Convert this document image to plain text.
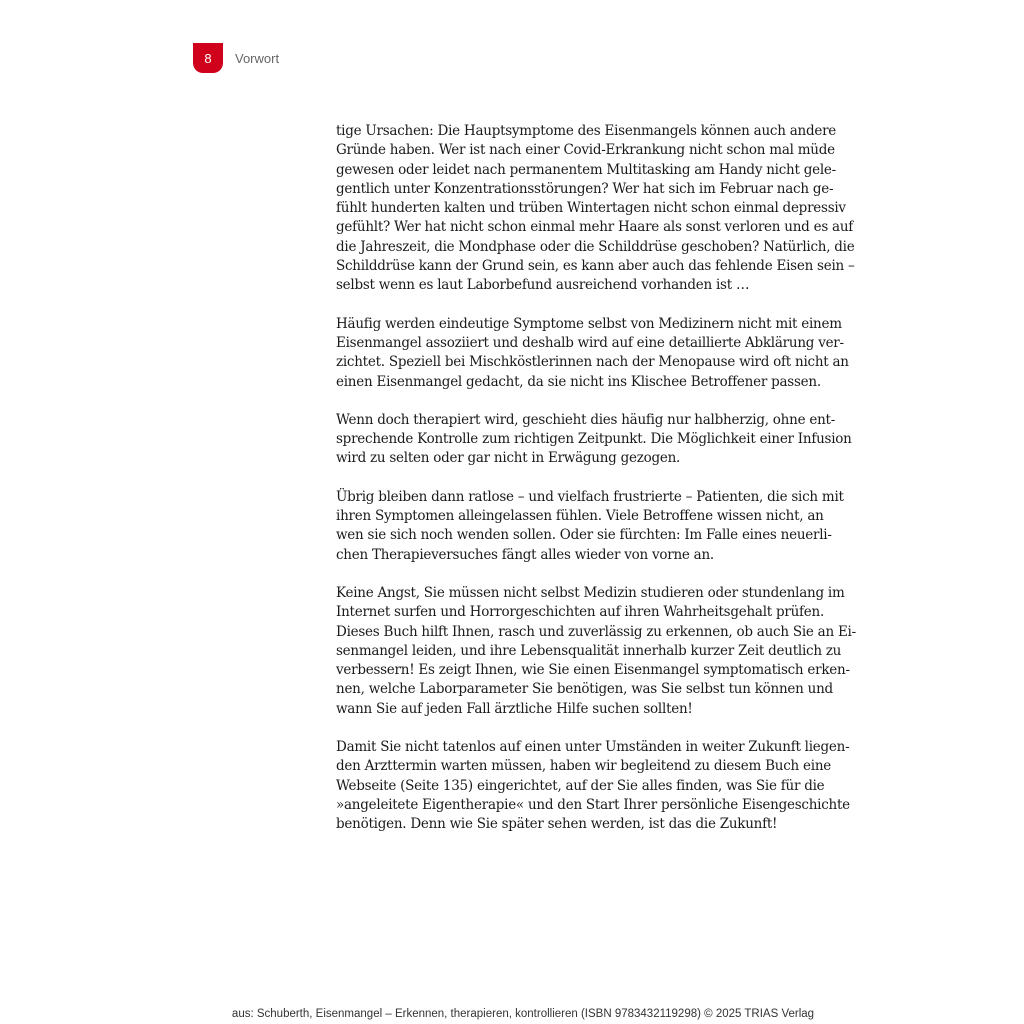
8	Vorwort

tige Ursachen: Die Hauptsymptome des Eisenmangels können auch andere
Gründe haben. Wer ist nach einer Covid-Erkrankung nicht schon mal müde
gewesen oder leidet nach permanentem Multitasking am Handy nicht gele-
gentlich unter Konzentrationsstörungen? Wer hat sich im Februar nach ge-
fühlt hunderten kalten und trüben Wintertagen nicht schon einmal depressiv
gefühlt? Wer hat nicht schon einmal mehr Haare als sonst verloren und es auf
die Jahreszeit, die Mondphase oder die Schilddrüse geschoben? Natürlich, die
Schilddrüse kann der Grund sein, es kann aber auch das fehlende Eisen sein –
selbst wenn es laut Laborbefund ausreichend vorhanden ist …

Häufig werden eindeutige Symptome selbst von Medizinern nicht mit einem
Eisenmangel assoziiert und deshalb wird auf eine detaillierte Abklärung ver-
zichtet. Speziell bei Mischköstlerinnen nach der Menopause wird oft nicht an
einen Eisenmangel gedacht, da sie nicht ins Klischee Betroffener passen.

Wenn doch therapiert wird, geschieht dies häufig nur halbherzig, ohne ent-
sprechende Kontrolle zum richtigen Zeitpunkt. Die Möglichkeit einer Infusion
wird zu selten oder gar nicht in Erwägung gezogen.

Übrig bleiben dann ratlose – und vielfach frustrierte – Patienten, die sich mit
ihren Symptomen alleingelassen fühlen. Viele Betroffene wissen nicht, an
wen sie sich noch wenden sollen. Oder sie fürchten: Im Falle eines neuerli-
chen Therapieversuches fängt alles wieder von vorne an.

Keine Angst, Sie müssen nicht selbst Medizin studieren oder stundenlang im
Internet surfen und Horrorgeschichten auf ihren Wahrheitsgehalt prüfen.
Dieses Buch hilft Ihnen, rasch und zuverlässig zu erkennen, ob auch Sie an Ei-
senmangel leiden, und ihre Lebensqualität innerhalb kurzer Zeit deutlich zu
verbessern! Es zeigt Ihnen, wie Sie einen Eisenmangel symptomatisch erken-
nen, welche Laborparameter Sie benötigen, was Sie selbst tun können und
wann Sie auf jeden Fall ärztliche Hilfe suchen sollten!

Damit Sie nicht tatenlos auf einen unter Umständen in weiter Zukunft liegen-
den Arzttermin warten müssen, haben wir begleitend zu diesem Buch eine
Webseite (Seite 135) eingerichtet, auf der Sie alles finden, was Sie für die
»angeleitete Eigentherapie« und den Start Ihrer persönliche Eisengeschichte
benötigen. Denn wie Sie später sehen werden, ist das die Zukunft!

aus: Schuberth, Eisenmangel – Erkennen, therapieren, kontrollieren (ISBN 9783432119298) © 2025 TRIAS Verlag
